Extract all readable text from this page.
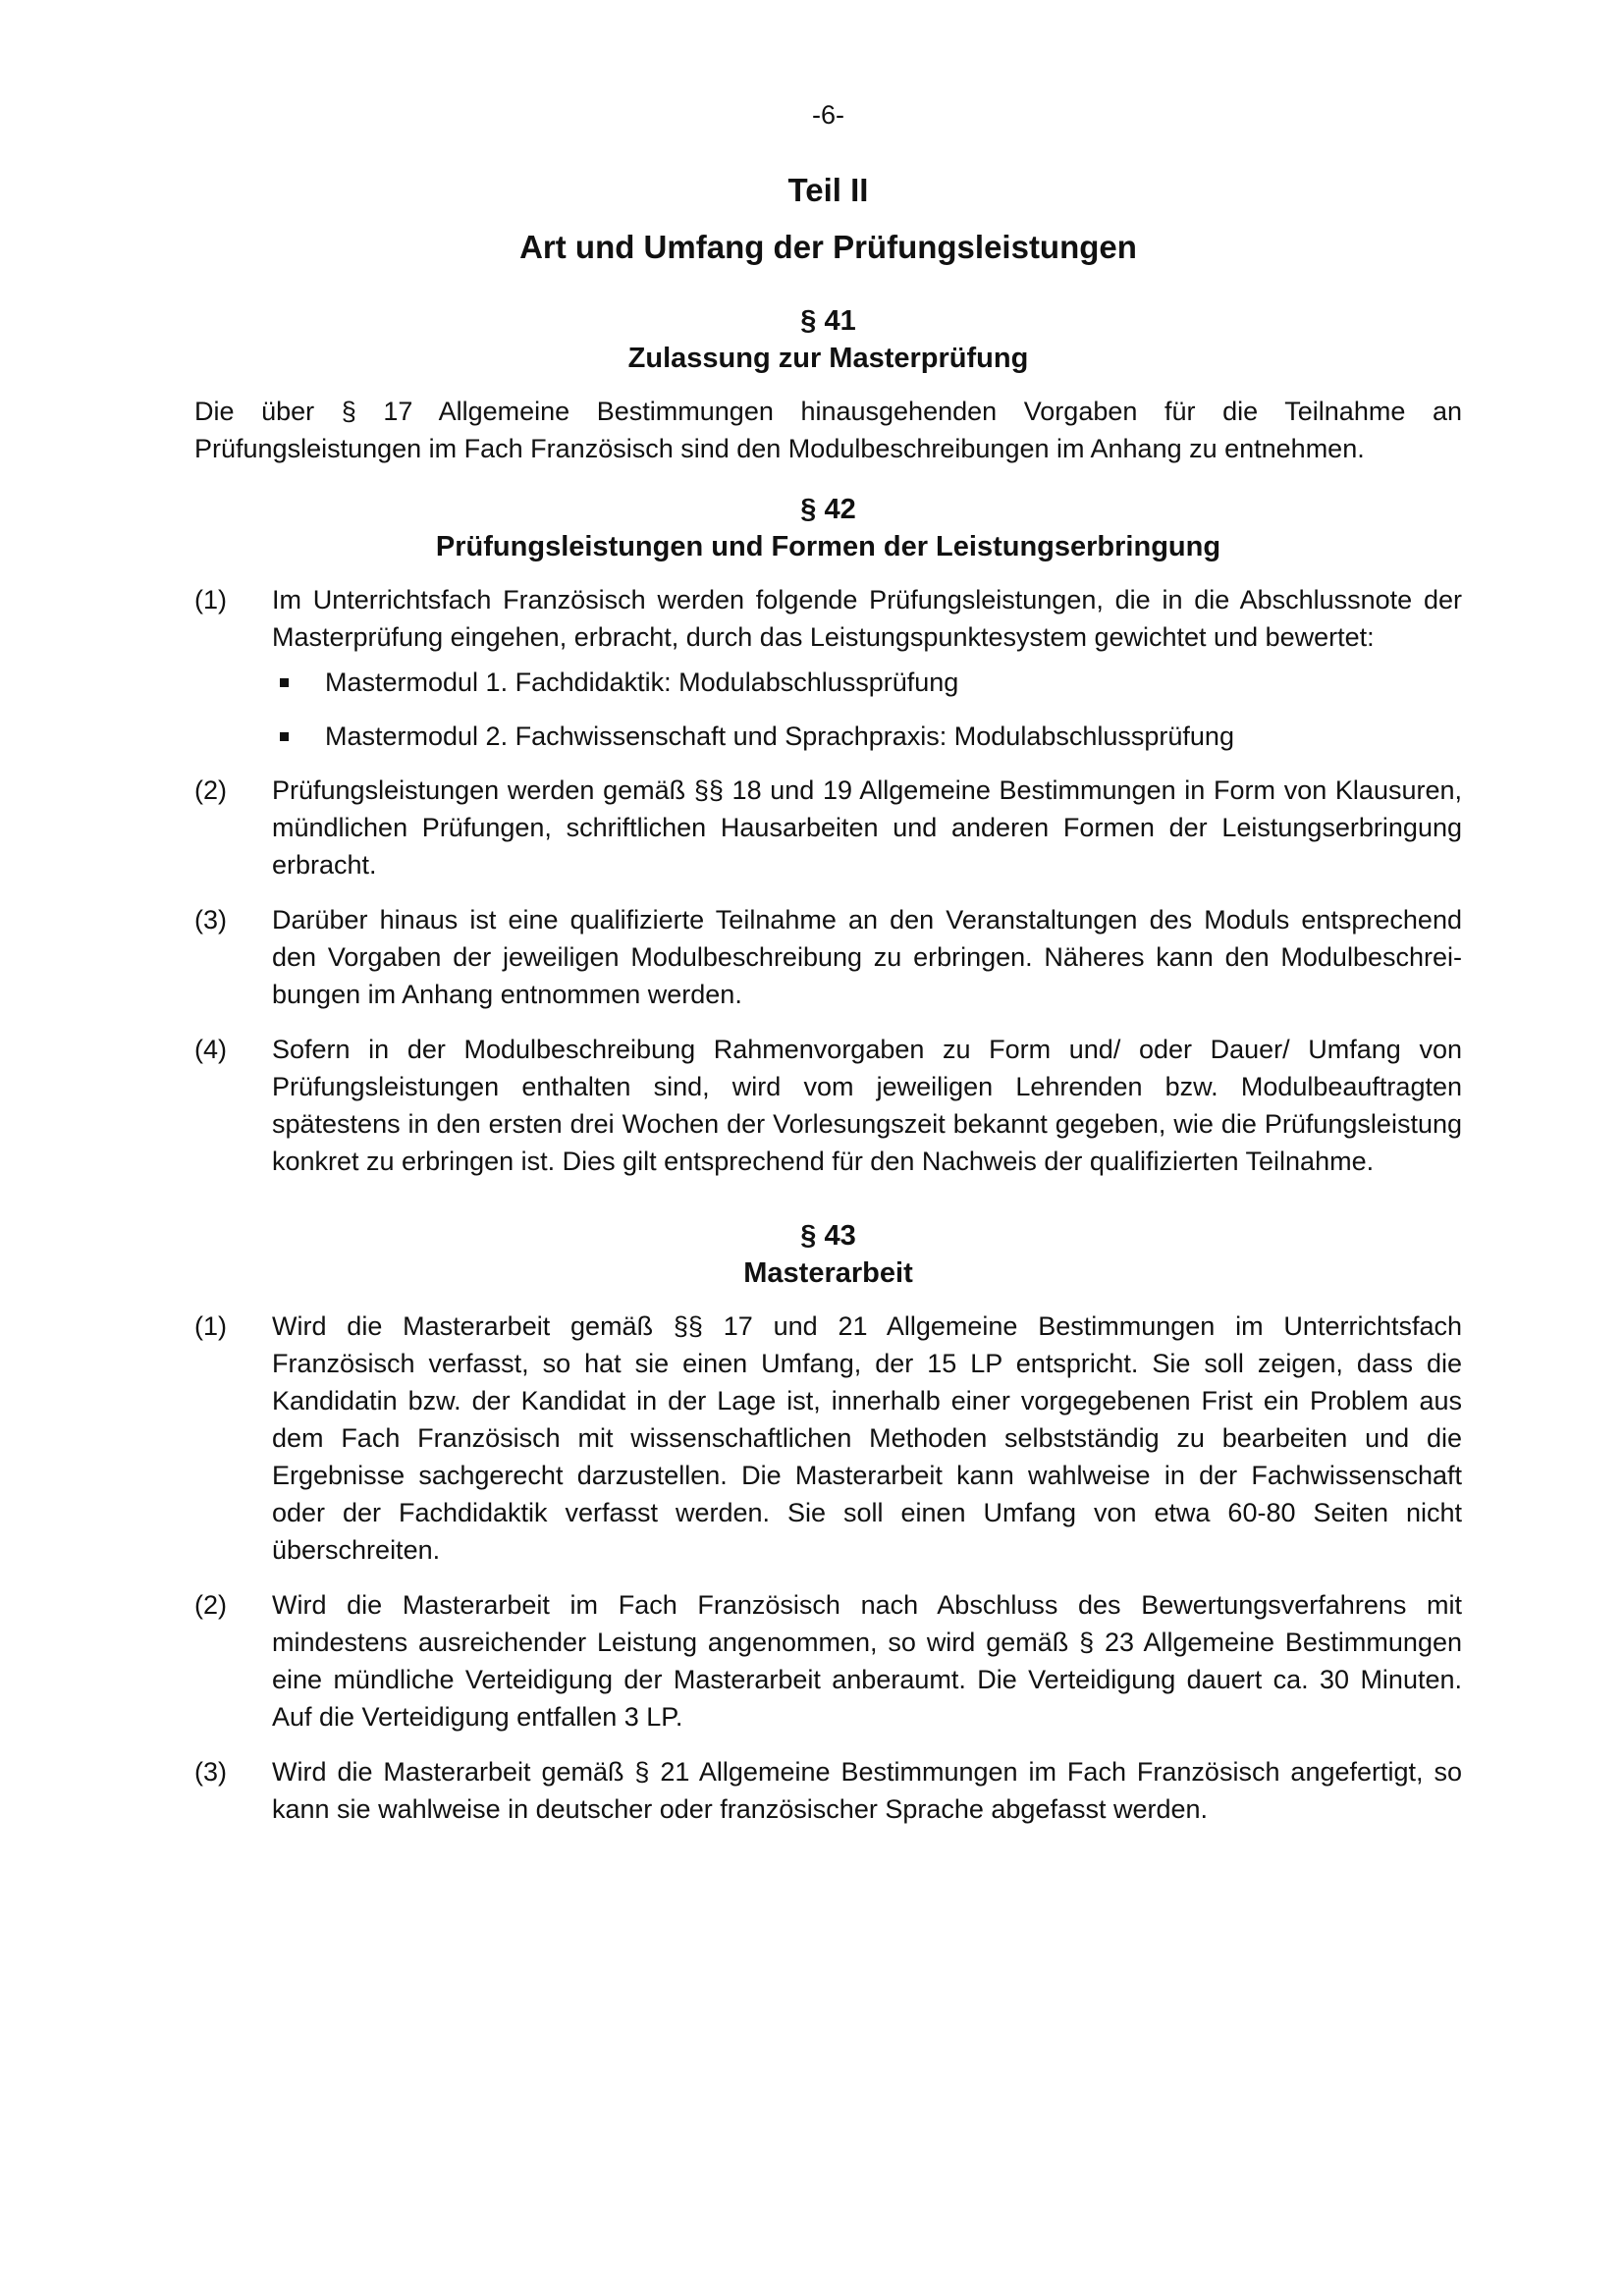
-6-
Teil II
Art und Umfang der Prüfungsleistungen
§ 41
Zulassung zur Masterprüfung
Die über § 17 Allgemeine Bestimmungen hinausgehenden Vorgaben für die Teilnahme an Prüfungsleistungen im Fach Französisch sind den Modulbeschreibungen im Anhang zu entnehmen.
§ 42
Prüfungsleistungen und Formen der Leistungserbringung
(1)	Im Unterrichtsfach Französisch werden folgende Prüfungsleistungen, die in die Abschlussnote der Masterprüfung eingehen, erbracht, durch das Leistungspunktesystem gewichtet und bewertet:
Mastermodul 1. Fachdidaktik: Modulabschlussprüfung
Mastermodul 2. Fachwissenschaft und Sprachpraxis: Modulabschlussprüfung
(2)	Prüfungsleistungen werden gemäß §§ 18 und 19 Allgemeine Bestimmungen in Form von Klausuren, mündlichen Prüfungen, schriftlichen Hausarbeiten und anderen Formen der Leistungserbringung erbracht.
(3)	Darüber hinaus ist eine qualifizierte Teilnahme an den Veranstaltungen des Moduls entsprechend den Vorgaben der jeweiligen Modulbeschreibung zu erbringen. Näheres kann den Modulbeschrei-bungen im Anhang entnommen werden.
(4)	Sofern in der Modulbeschreibung Rahmenvorgaben zu Form und/ oder Dauer/ Umfang von Prüfungsleistungen enthalten sind, wird vom jeweiligen Lehrenden bzw. Modulbeauftragten spätestens in den ersten drei Wochen der Vorlesungszeit bekannt gegeben, wie die Prüfungsleistung konkret zu erbringen ist. Dies gilt entsprechend für den Nachweis der qualifizierten Teilnahme.
§ 43
Masterarbeit
(1)	Wird die Masterarbeit gemäß §§ 17 und 21 Allgemeine Bestimmungen im Unterrichtsfach Französisch verfasst, so hat sie einen Umfang, der 15 LP entspricht. Sie soll zeigen, dass die Kandidatin bzw. der Kandidat in der Lage ist, innerhalb einer vorgegebenen Frist ein Problem aus dem Fach Französisch mit wissenschaftlichen Methoden selbstständig zu bearbeiten und die Ergebnisse sachgerecht darzustellen. Die Masterarbeit kann wahlweise in der Fachwissenschaft oder der Fachdidaktik verfasst werden. Sie soll einen Umfang von etwa 60-80 Seiten nicht überschreiten.
(2)	Wird die Masterarbeit im Fach Französisch nach Abschluss des Bewertungsverfahrens mit mindestens ausreichender Leistung angenommen, so wird gemäß § 23 Allgemeine Bestimmungen eine mündliche Verteidigung der Masterarbeit anberaumt. Die Verteidigung dauert ca. 30 Minuten. Auf die Verteidigung entfallen 3 LP.
(3)	Wird die Masterarbeit gemäß § 21 Allgemeine Bestimmungen im Fach Französisch angefertigt, so kann sie wahlweise in deutscher oder französischer Sprache abgefasst werden.
